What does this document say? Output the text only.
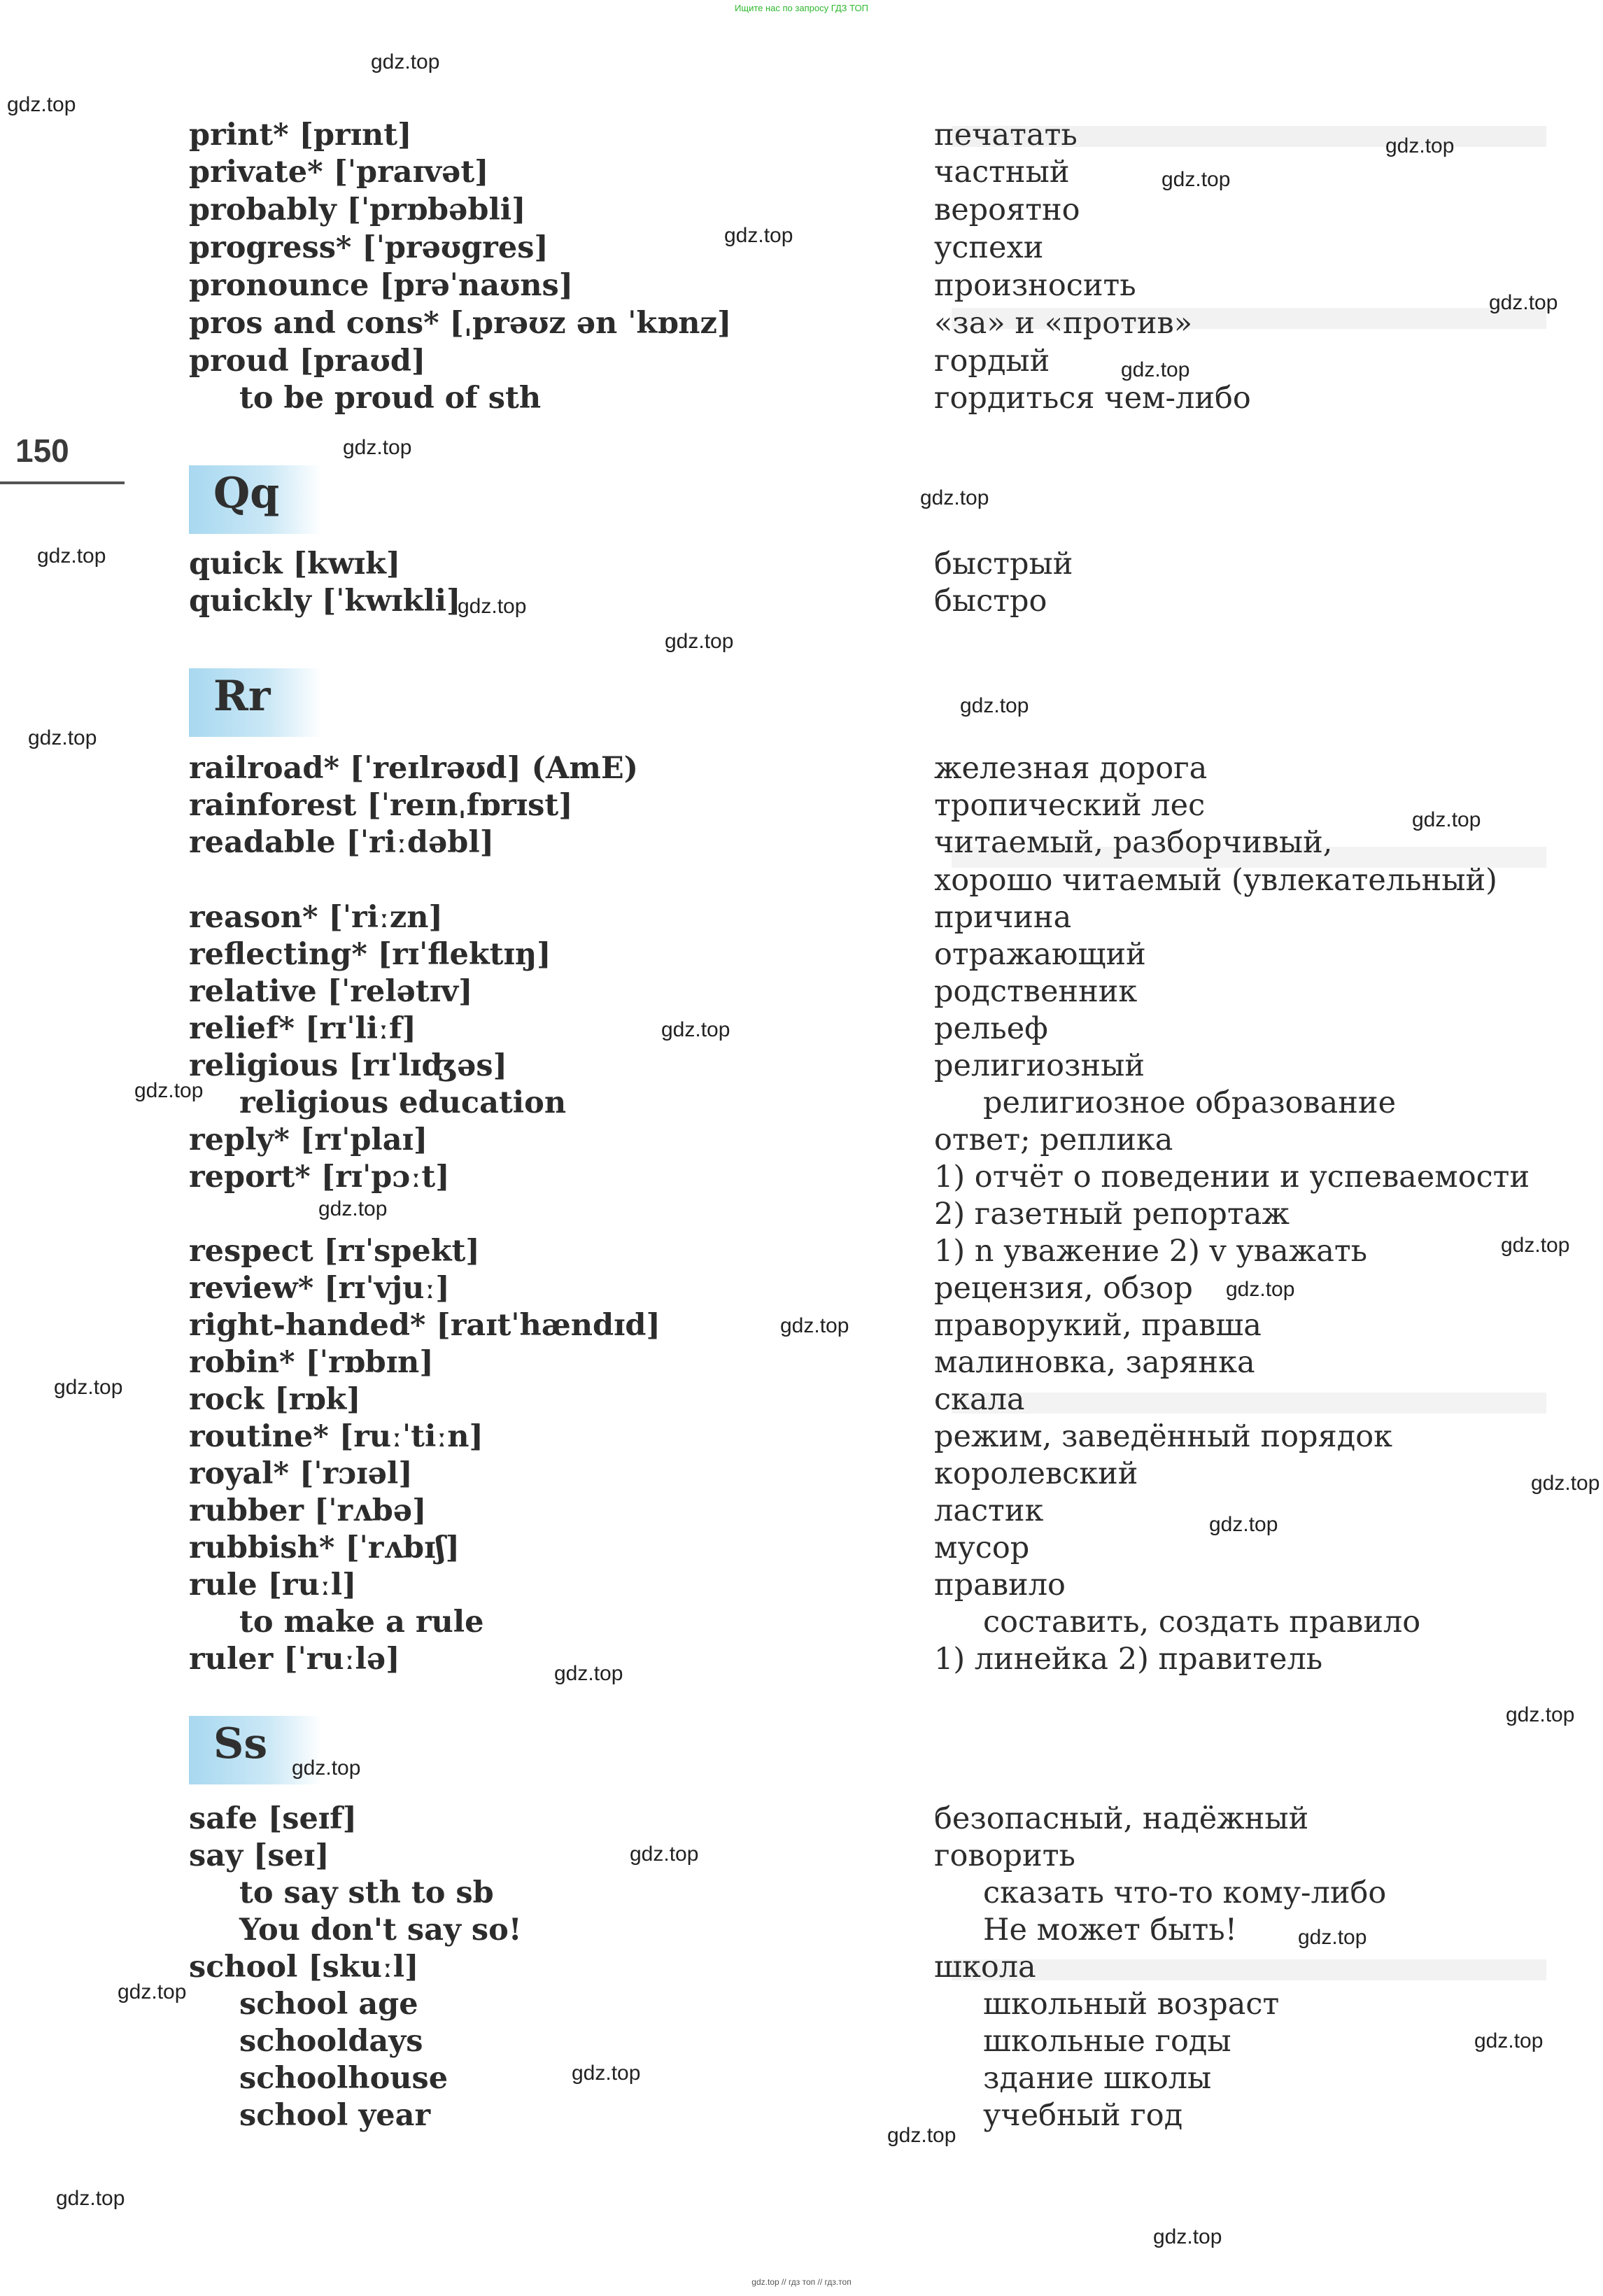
Ищите нас по запросу ГДЗ ТОП
150
Qq
Rr
Ss
print* [prɪnt]	печатать
private* [ˈpraɪvət]	частный
probably [ˈprɒbəbli]	вероятно
progress* [ˈprəʊgres]	успехи
pronounce [prəˈnaʊns]	произносить
pros and cons* [ˌprəʊz ən ˈkɒnz]	«за» и «против»
proud [praʊd]	гордый
to be proud of sth	гордиться чем-либо
quick [kwɪk]	быстрый
quickly [ˈkwɪkli]	быстро
railroad* [ˈreɪlrəʊd] (AmE)	железная дорога
rainforest [ˈreɪnˌfɒrɪst]	тропический лес
readable [ˈriːdəbl]	читаемый, разборчивый,
хорошо читаемый (увлекательный)
reason* [ˈriːzn]	причина
reflecting* [rɪˈflektɪŋ]	отражающий
relative [ˈrelətɪv]	родственник
relief* [rɪˈliːf]	рельеф
religious [rɪˈlɪʤəs]	религиозный
religious education	религиозное образование
reply* [rɪˈplaɪ]	ответ; реплика
report* [rɪˈpɔːt]	1) отчёт о поведении и успеваемости
2) газетный репортаж
respect [rɪˈspekt]	1) n уважение 2) v уважать
review* [rɪˈvjuː]	рецензия, обзор
right-handed* [raɪtˈhændɪd]	праворукий, правша
robin* [ˈrɒbɪn]	малиновка, зарянка
rock [rɒk]	скала
routine* [ruːˈtiːn]	режим, заведённый порядок
royal* [ˈrɔɪəl]	королевский
rubber [ˈrʌbə]	ластик
rubbish* [ˈrʌbɪʃ]	мусор
rule [ruːl]	правило
to make a rule	составить, создать правило
ruler [ˈruːlə]	1) линейка 2) правитель
safe [seɪf]	безопасный, надёжный
say [seɪ]	говорить
to say sth to sb	сказать что-то кому-либо
You don't say so!	Не может быть!
school [skuːl]	школа
school age	школьный возраст
schooldays	школьные годы
schoolhouse	здание школы
school year	учебный год
gdz.top
gdz.top
gdz.top
gdz.top
gdz.top
gdz.top
gdz.top
gdz.top
gdz.top
gdz.top
gdz.top
gdz.top
gdz.top
gdz.top
gdz.top
gdz.top
gdz.top
gdz.top
gdz.top
gdz.top
gdz.top
gdz.top
gdz.top
gdz.top
gdz.top
gdz.top
gdz.top
gdz.top
gdz.top
gdz.top
gdz.top
gdz.top
gdz.top
gdz.top
gdz.top
gdz.top // гдз топ // гдз.топ
